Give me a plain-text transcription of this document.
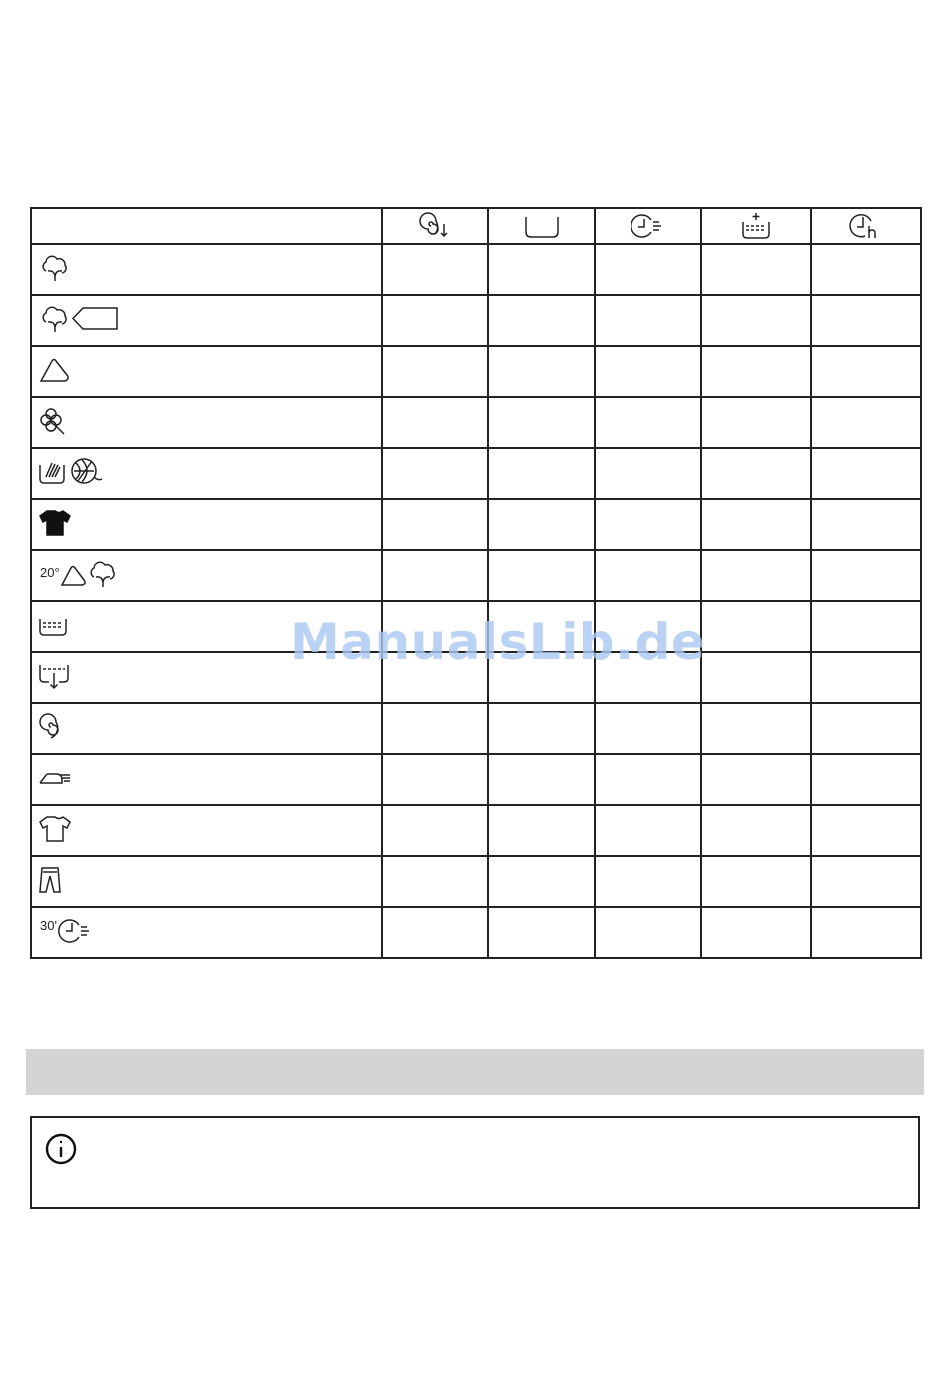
20°					

30'					

ManualsLib.de
